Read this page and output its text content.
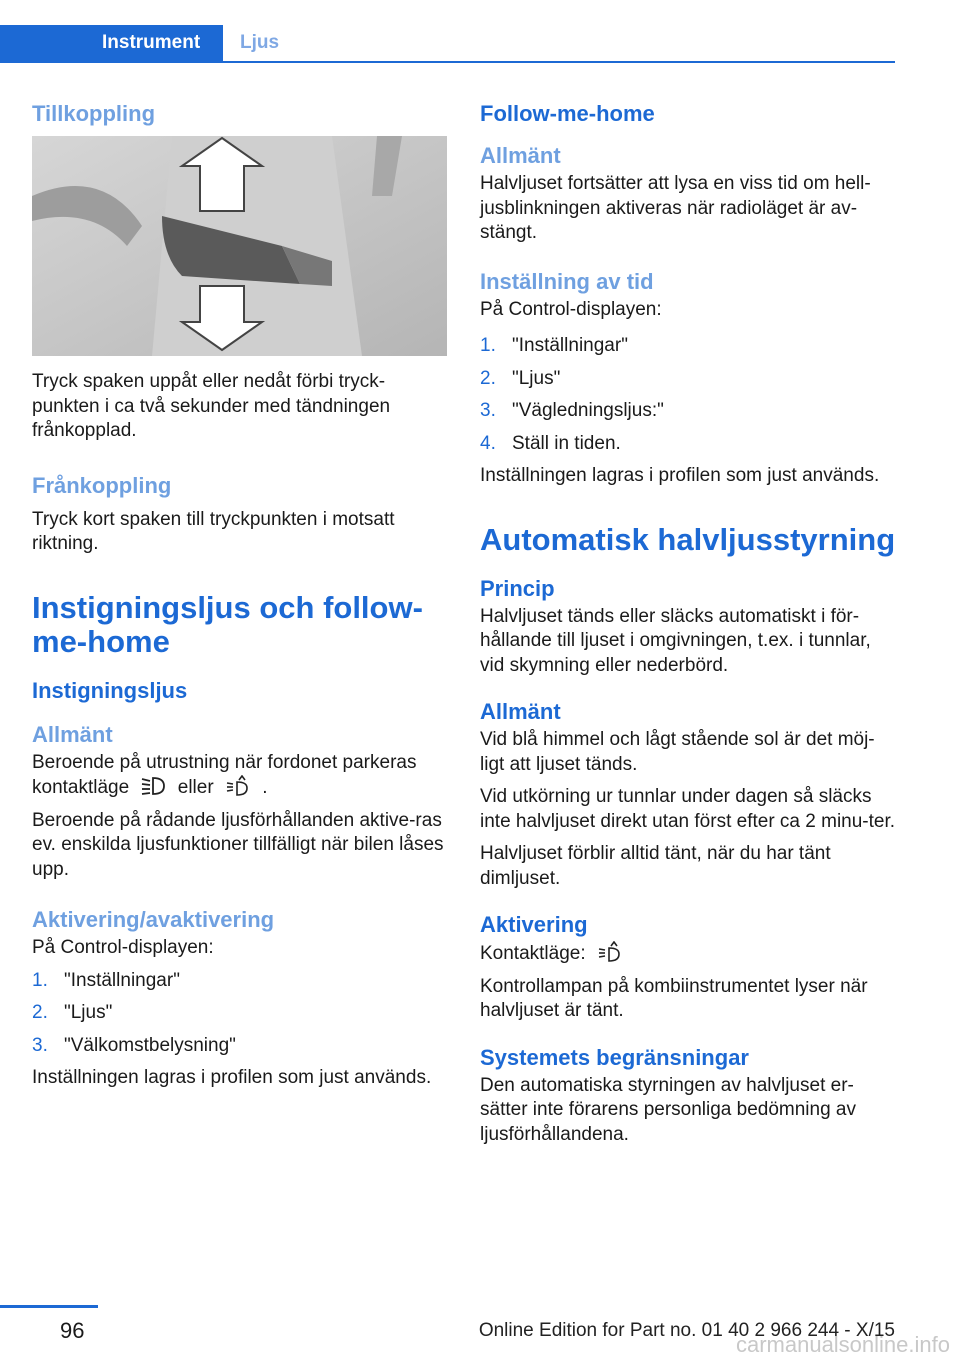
Instrument	Ljus
Tillkoppling

Tryck spaken uppåt eller nedåt förbi tryck-punkten i ca två sekunder med tändningen frånkopplad.

Frånkoppling

Tryck kort spaken till tryckpunkten i motsatt riktning.

Instigningsljus och follow-me-home
Instigningsljus
Allmänt

Beroende på utrustning när fordonet parkeras kontaktläge	eller	.

Beroende på rådande ljusförhållanden aktive-ras ev. enskilda ljusfunktioner tillfälligt när bilen låses upp.

Aktivering/avaktivering

På Control-displayen:

1. "Inställningar"
2. "Ljus"
3. "Välkomstbelysning"

Inställningen lagras i profilen som just används.

Follow-me-home
Allmänt

Halvljuset fortsätter att lysa en viss tid om hell-jusblinkningen aktiveras när radioläget är av-stängt.

Inställning av tid

På Control-displayen:

1. "Inställningar"
2. "Ljus"
3. "Vägledningsljus:"
4. Ställ in tiden.

Inställningen lagras i profilen som just används.

Automatisk halvljusstyrning
Princip

Halvljuset tänds eller släcks automatiskt i för-hållande till ljuset i omgivningen, t.ex. i tunnlar, vid skymning eller nederbörd.

Allmänt

Vid blå himmel och lågt stående sol är det möj-ligt att ljuset tänds.

Vid utkörning ur tunnlar under dagen så släcks inte halvljuset direkt utan först efter ca 2 minu-ter.

Halvljuset förblir alltid tänt, när du har tänt dimljuset.

Aktivering

Kontaktläge:

Kontrollampan på kombiinstrumentet lyser när halvljuset är tänt.

Systemets begränsningar

Den automatiska styrningen av halvljuset er-sätter inte förarens personliga bedömning av ljusförhållandena.

96	Online Edition for Part no. 01 40 2 966 244 - X/15
carmanualsonline.info
